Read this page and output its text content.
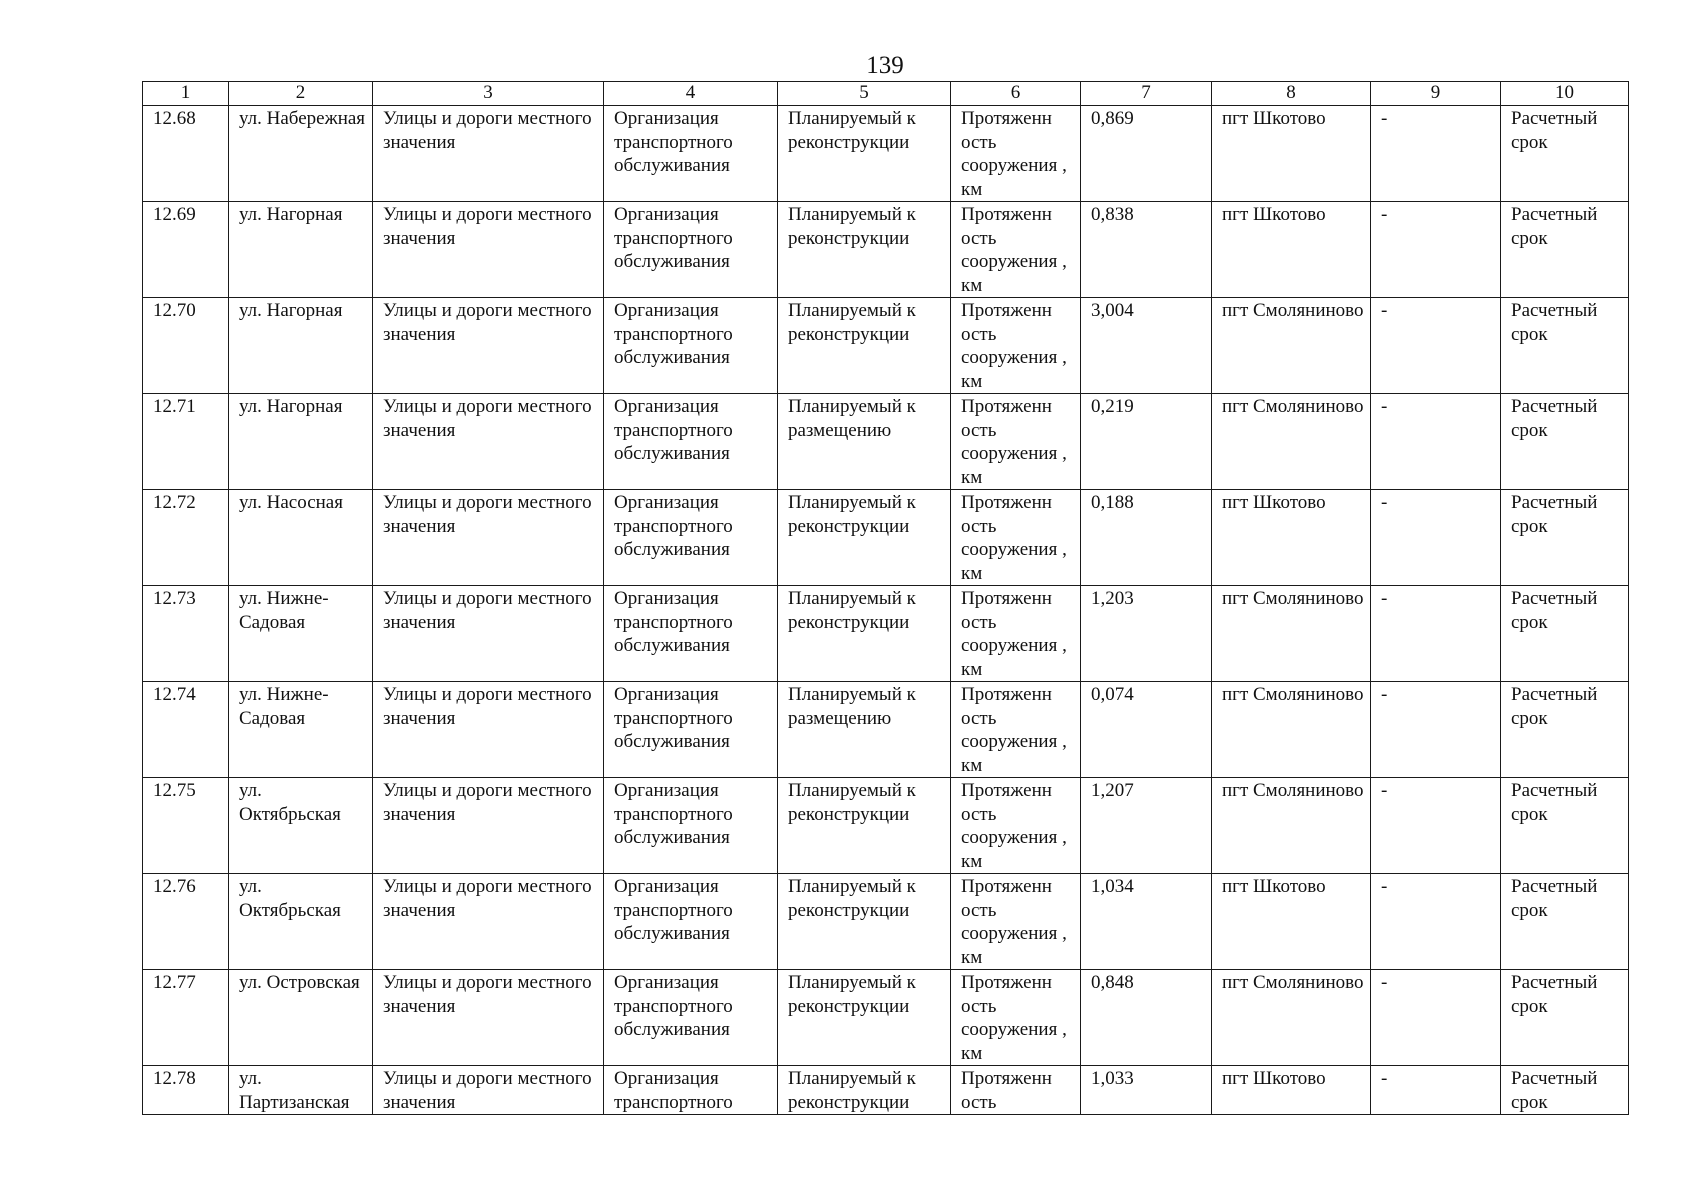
139
1	2	3	4	5	6	7	8	9	10
12.68	ул. Набережная	Улицы и дороги местного значения	Организация транспортного обслуживания	Планируемый к реконструкции	Протяженн ость сооружения , км	0,869	пгт Шкотово	-	Расчетный срок
12.69	ул. Нагорная	Улицы и дороги местного значения	Организация транспортного обслуживания	Планируемый к реконструкции	Протяженн ость сооружения , км	0,838	пгт Шкотово	-	Расчетный срок
12.70	ул. Нагорная	Улицы и дороги местного значения	Организация транспортного обслуживания	Планируемый к реконструкции	Протяженн ость сооружения , км	3,004	пгт Смоляниново	-	Расчетный срок
12.71	ул. Нагорная	Улицы и дороги местного значения	Организация транспортного обслуживания	Планируемый к размещению	Протяженн ость сооружения , км	0,219	пгт Смоляниново	-	Расчетный срок
12.72	ул. Насосная	Улицы и дороги местного значения	Организация транспортного обслуживания	Планируемый к реконструкции	Протяженн ость сооружения , км	0,188	пгт Шкотово	-	Расчетный срок
12.73	ул. Нижне-Садовая	Улицы и дороги местного значения	Организация транспортного обслуживания	Планируемый к реконструкции	Протяженн ость сооружения , км	1,203	пгт Смоляниново	-	Расчетный срок
12.74	ул. Нижне-Садовая	Улицы и дороги местного значения	Организация транспортного обслуживания	Планируемый к размещению	Протяженн ость сооружения , км	0,074	пгт Смоляниново	-	Расчетный срок
12.75	ул. Октябрьская	Улицы и дороги местного значения	Организация транспортного обслуживания	Планируемый к реконструкции	Протяженн ость сооружения , км	1,207	пгт Смоляниново	-	Расчетный срок
12.76	ул. Октябрьская	Улицы и дороги местного значения	Организация транспортного обслуживания	Планируемый к реконструкции	Протяженн ость сооружения , км	1,034	пгт Шкотово	-	Расчетный срок
12.77	ул. Островская	Улицы и дороги местного значения	Организация транспортного обслуживания	Планируемый к реконструкции	Протяженн ость сооружения , км	0,848	пгт Смоляниново	-	Расчетный срок
12.78	ул. Партизанская	Улицы и дороги местного значения	Организация транспортного	Планируемый к реконструкции	Протяженн ость	1,033	пгт Шкотово	-	Расчетный срок
